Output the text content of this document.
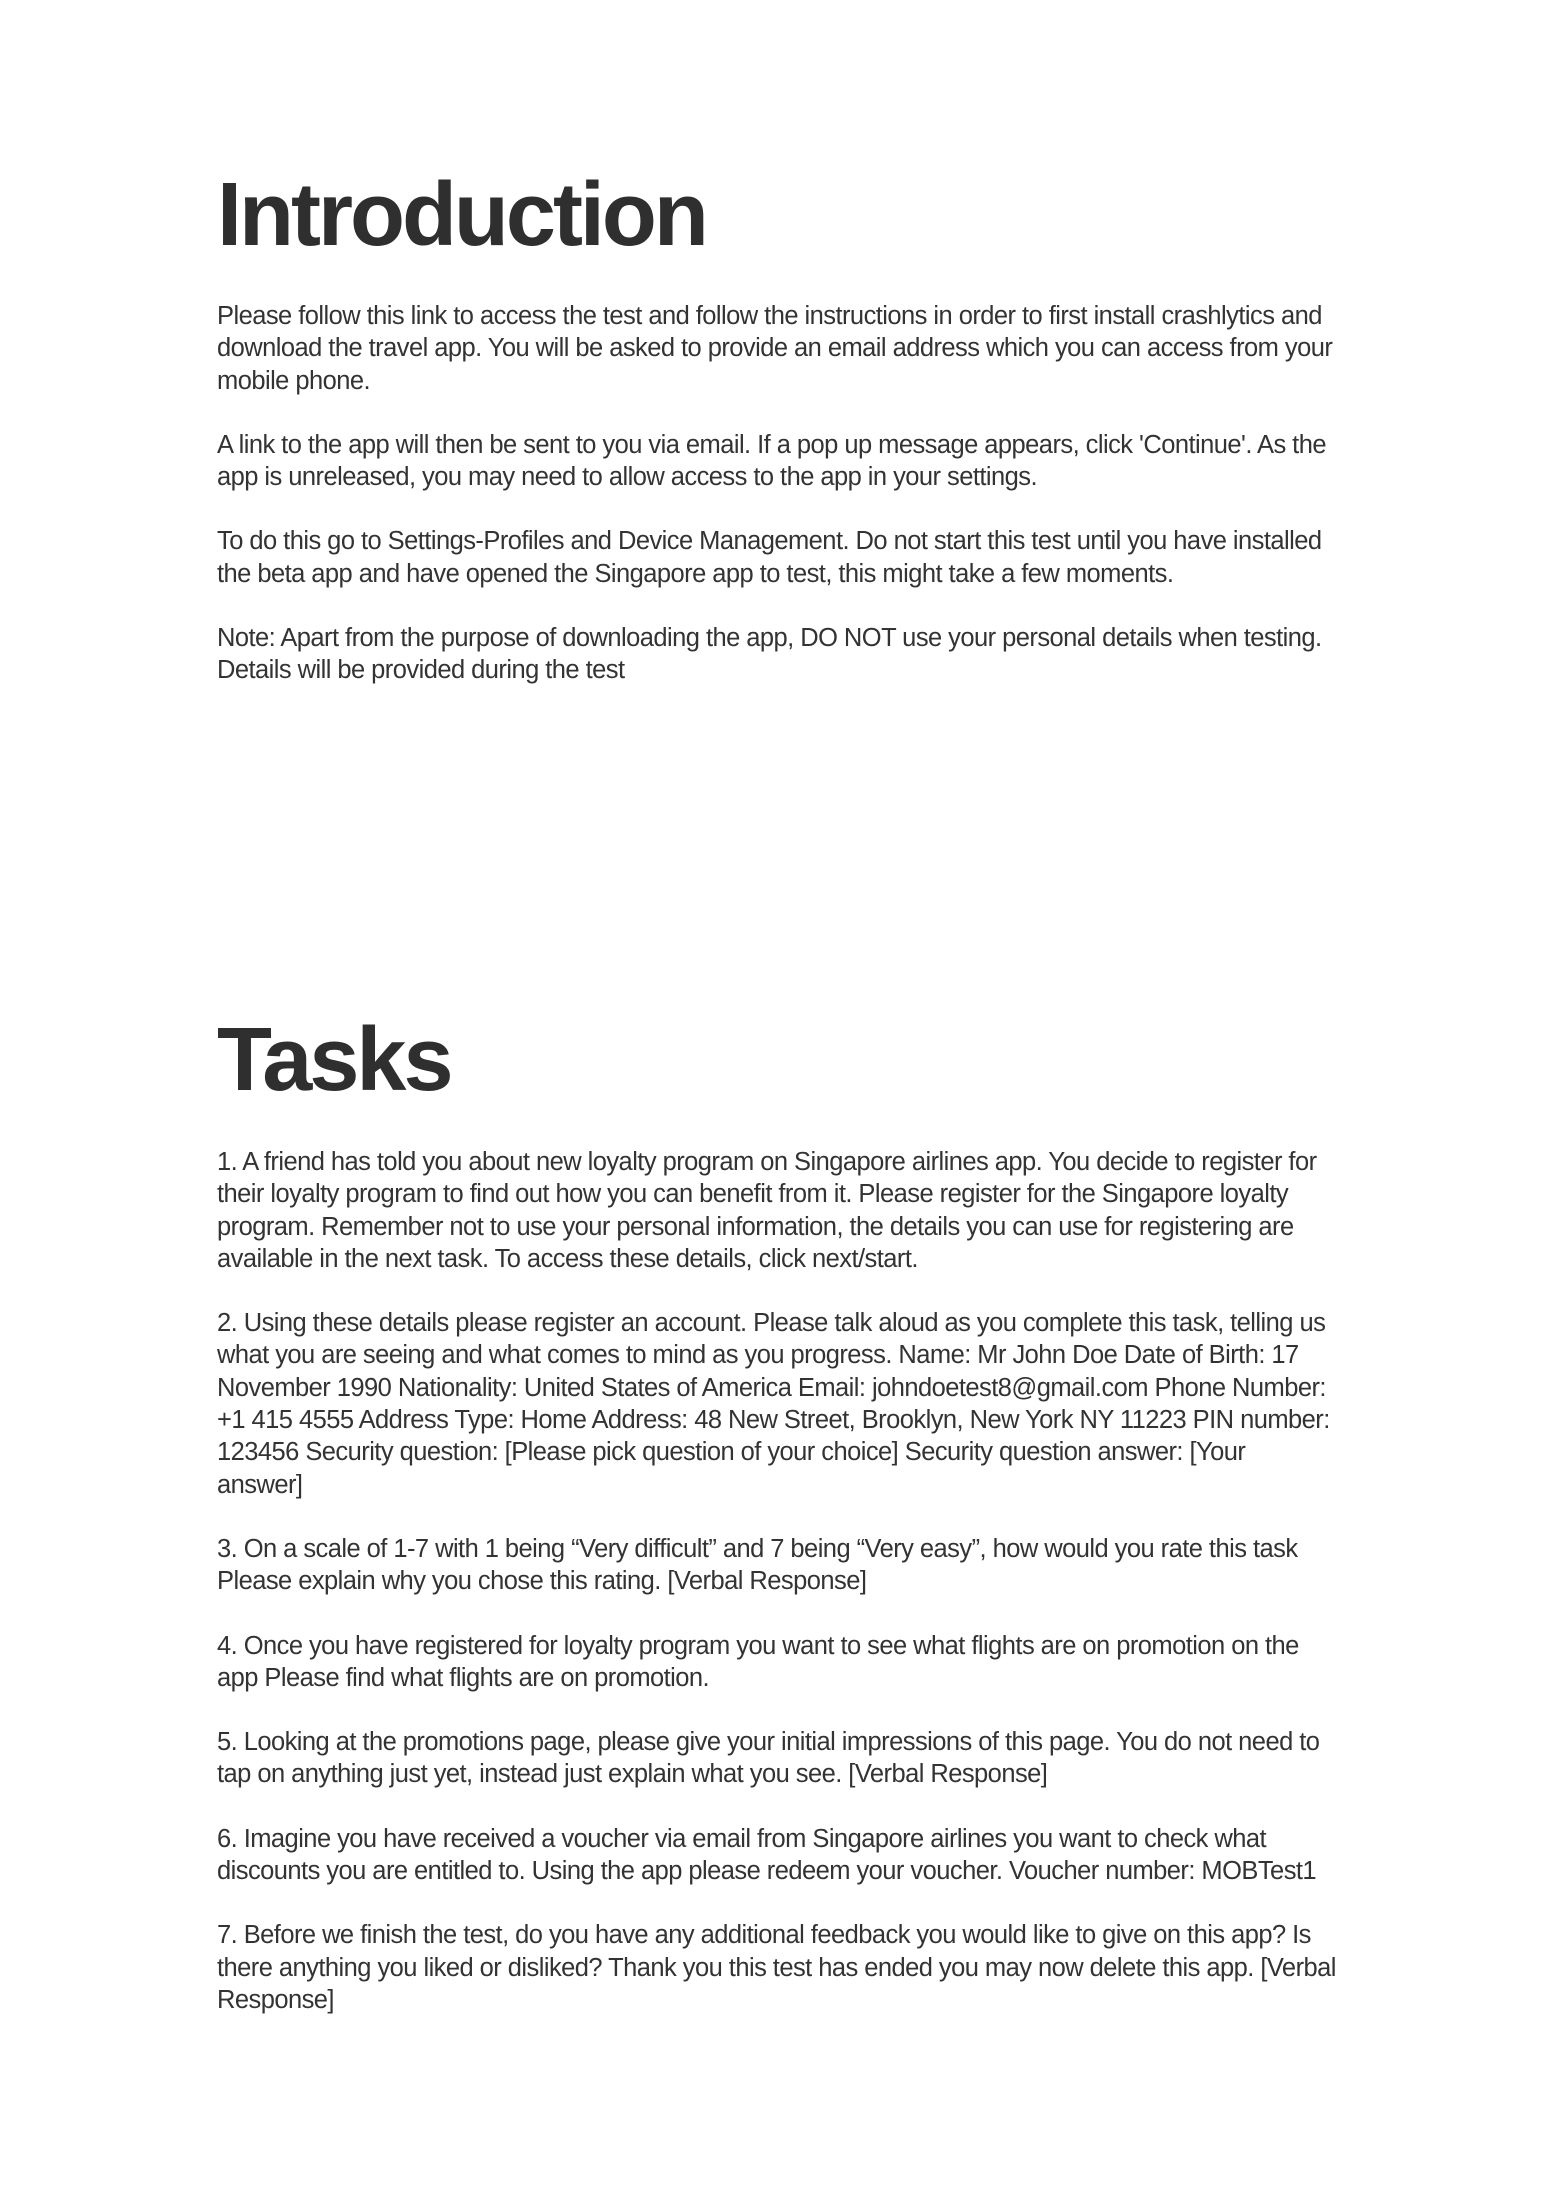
Introduction

Please follow this link to access the test and follow the instructions in order to first install crashlytics and download the travel app. You will be asked to provide an email address which you can access from your mobile phone.

A link to the app will then be sent to you via email. If a pop up message appears, click 'Continue'. As the app is unreleased, you may need to allow access to the app in your settings.

To do this go to Settings-Profiles and Device Management. Do not start this test until you have installed the beta app and have opened the Singapore app to test, this might take a few moments.

Note: Apart from the purpose of downloading the app, DO NOT use your personal details when testing. Details will be provided during the test

Tasks

1. A friend has told you about new loyalty program on Singapore airlines app. You decide to register for their loyalty program to find out how you can benefit from it. Please register for the Singapore loyalty program. Remember not to use your personal information, the details you can use for registering are available in the next task. To access these details, click next/start.

2. Using these details please register an account. Please talk aloud as you complete this task, telling us what you are seeing and what comes to mind as you progress. Name: Mr John Doe Date of Birth: 17 November 1990 Nationality: United States of America Email: johndoetest8@gmail.com Phone Number: +1 415 4555 Address Type: Home Address: 48 New Street, Brooklyn, New York NY 11223 PIN number: 123456 Security question: [Please pick question of your choice] Security question answer: [Your answer]

3. On a scale of 1-7 with 1 being “Very difficult” and 7 being “Very easy”, how would you rate this task Please explain why you chose this rating. [Verbal Response]

4. Once you have registered for loyalty program you want to see what flights are on promotion on the app Please find what flights are on promotion.

5. Looking at the promotions page, please give your initial impressions of this page. You do not need to tap on anything just yet, instead just explain what you see. [Verbal Response]

6. Imagine you have received a voucher via email from Singapore airlines you want to check what discounts you are entitled to. Using the app please redeem your voucher. Voucher number: MOBTest1

7. Before we finish the test, do you have any additional feedback you would like to give on this app? Is there anything you liked or disliked? Thank you this test has ended you may now delete this app. [Verbal Response]
